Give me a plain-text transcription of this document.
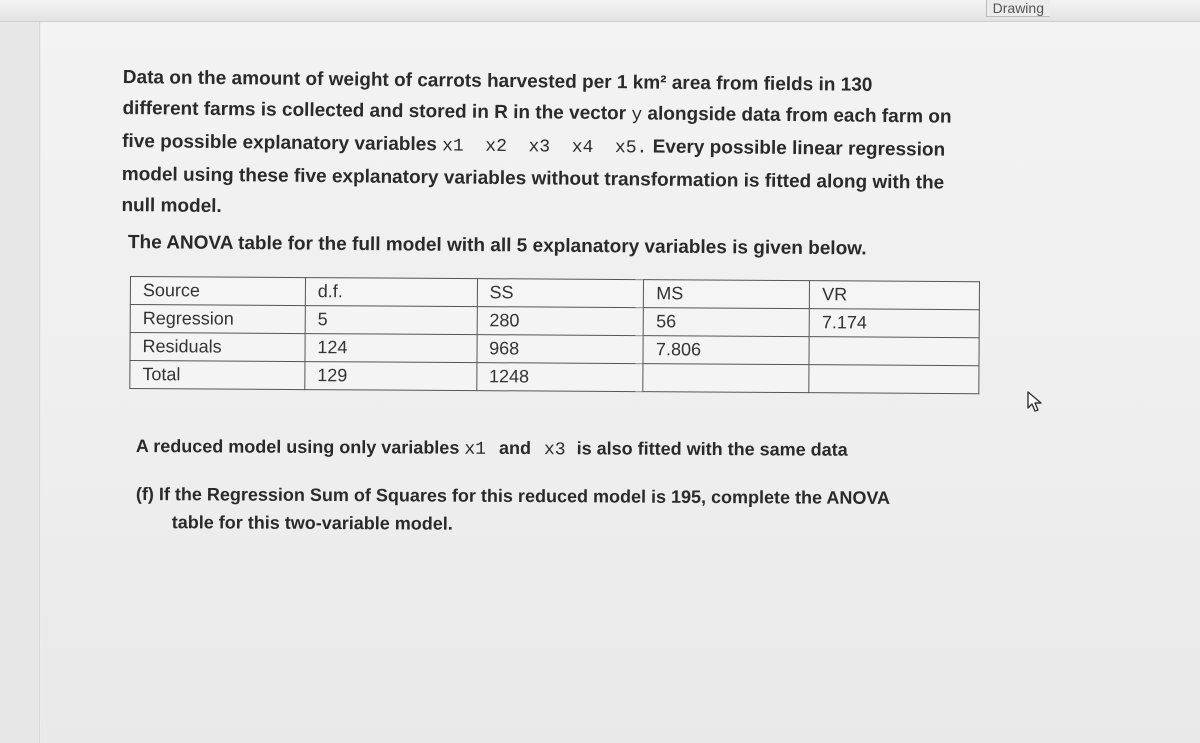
Drawing
Data on the amount of weight of carrots harvested per 1 km² area from fields in 130
different farms is collected and stored in R in the vector y alongside data from each farm on
five possible explanatory variables x1  x2  x3  x4  x5. Every possible linear regression
model using these five explanatory variables without transformation is fitted along with the
null model.
The ANOVA table for the full model with all 5 explanatory variables is given below.
Source	d.f.	SS	MS	VR
Regression	5	280	56	7.174
Residuals	124	968	7.806	
Total	129	1248		
A reduced model using only variables x1 and x3 is also fitted with the same data
(f) If the Regression Sum of Squares for this reduced model is 195, complete the ANOVA
table for this two-variable model.
